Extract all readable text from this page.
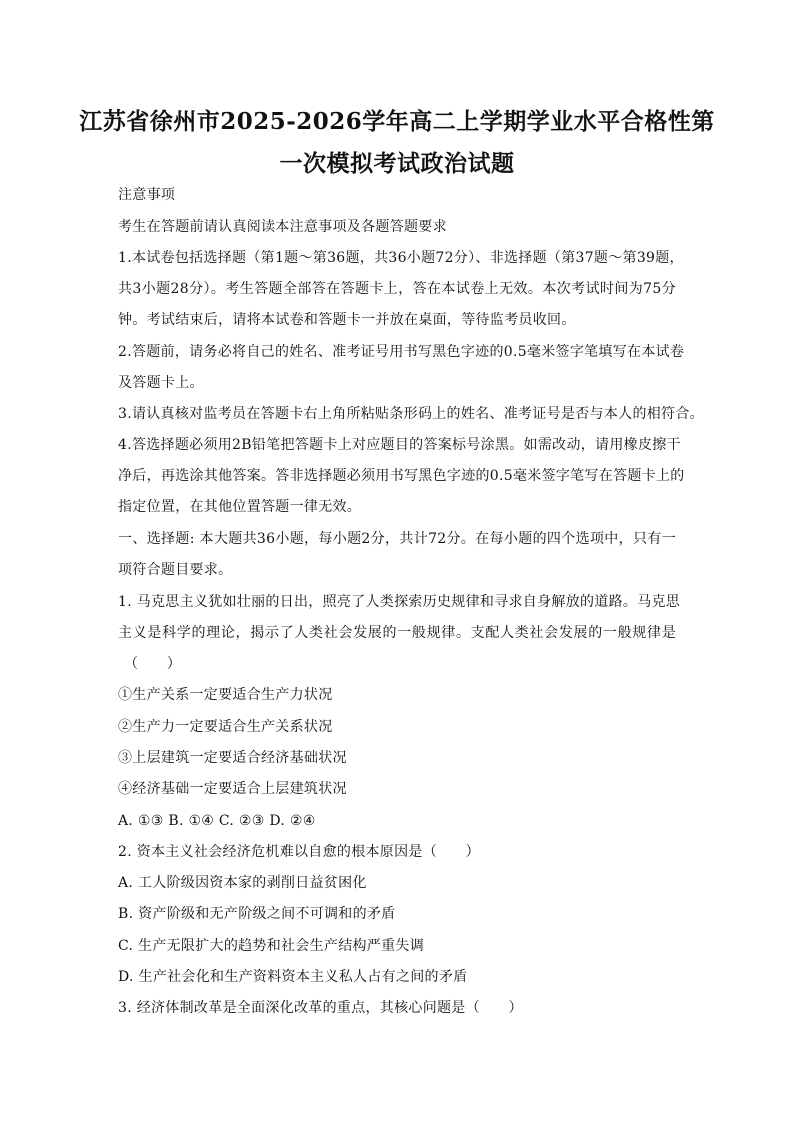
江苏省徐州市2025-2026学年高二上学期学业水平合格性第
一次模拟考试政治试题
注意事项
考生在答题前请认真阅读本注意事项及各题答题要求
1.本试卷包括选择题（第1题～第36题，共36小题72分）、非选择题（第37题～第39题，
共3小题28分）。考生答题全部答在答题卡上，答在本试卷上无效。本次考试时间为75分
钟。考试结束后，请将本试卷和答题卡一并放在桌面，等待监考员收回。
2.答题前，请务必将自己的姓名、准考证号用书写黑色字迹的0.5毫米签字笔填写在本试卷
及答题卡上。
3.请认真核对监考员在答题卡右上角所粘贴条形码上的姓名、准考证号是否与本人的相符合。
4.答选择题必须用2B铅笔把答题卡上对应题目的答案标号涂黑。如需改动，请用橡皮擦干
净后，再选涂其他答案。答非选择题必须用书写黑色字迹的0.5毫米签字笔写在答题卡上的
指定位置，在其他位置答题一律无效。
一、选择题: 本大题共36小题，每小题2分，共计72分。在每小题的四个选项中，只有一
项符合题目要求。
1. 马克思主义犹如壮丽的日出，照亮了人类探索历史规律和寻求自身解放的道路。马克思
主义是科学的理论，揭示了人类社会发展的一般规律。支配人类社会发展的一般规律是
（　　）
①生产关系一定要适合生产力状况
②生产力一定要适合生产关系状况
③上层建筑一定要适合经济基础状况
④经济基础一定要适合上层建筑状况
A. ①③ B. ①④ C. ②③ D. ②④
2. 资本主义社会经济危机难以自愈的根本原因是（　　）
A. 工人阶级因资本家的剥削日益贫困化
B. 资产阶级和无产阶级之间不可调和的矛盾
C. 生产无限扩大的趋势和社会生产结构严重失调
D. 生产社会化和生产资料资本主义私人占有之间的矛盾
3. 经济体制改革是全面深化改革的重点，其核心问题是（　　）
